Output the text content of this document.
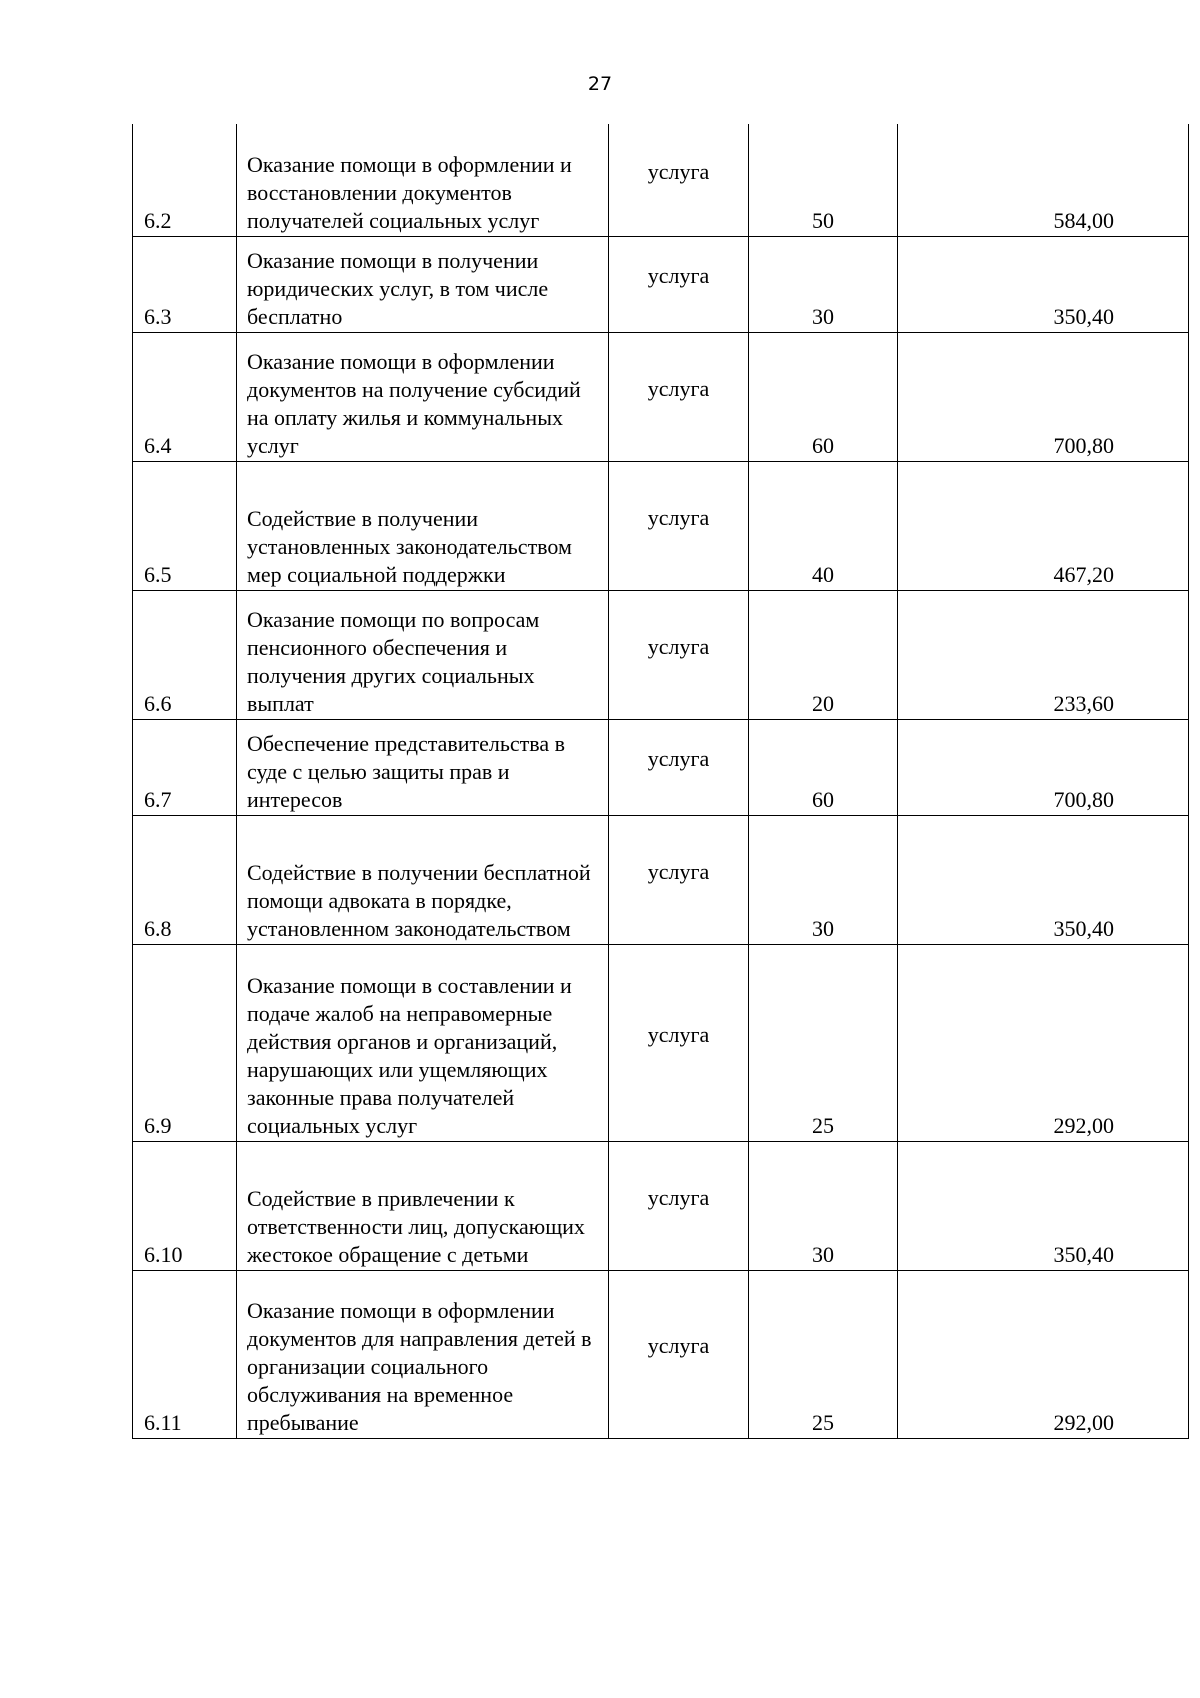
27
6.2	Оказание помощи в оформлении и восстановлении документов получателей социальных услуг	услуга	50	584,00
6.3	Оказание помощи в получении юридических услуг, в том числе бесплатно	услуга	30	350,40
6.4	Оказание помощи в оформлении документов на получение субсидий на оплату жилья и коммунальных услуг	услуга	60	700,80
6.5	Содействие в получении установленных законодательством мер социальной поддержки	услуга	40	467,20
6.6	Оказание помощи по вопросам пенсионного обеспечения и получения других социальных выплат	услуга	20	233,60
6.7	Обеспечение представительства в суде с целью защиты прав и интересов	услуга	60	700,80
6.8	Содействие в получении бесплатной помощи адвоката в порядке, установленном законодательством	услуга	30	350,40
6.9	Оказание помощи в составлении и подаче жалоб на неправомерные действия органов и организаций, нарушающих или ущемляющих законные права получателей социальных услуг	услуга	25	292,00
6.10	Содействие в привлечении к ответственности лиц, допускающих жестокое обращение с детьми	услуга	30	350,40
6.11	Оказание помощи в оформлении документов для направления детей в организации социального обслуживания на временное пребывание	услуга	25	292,00
